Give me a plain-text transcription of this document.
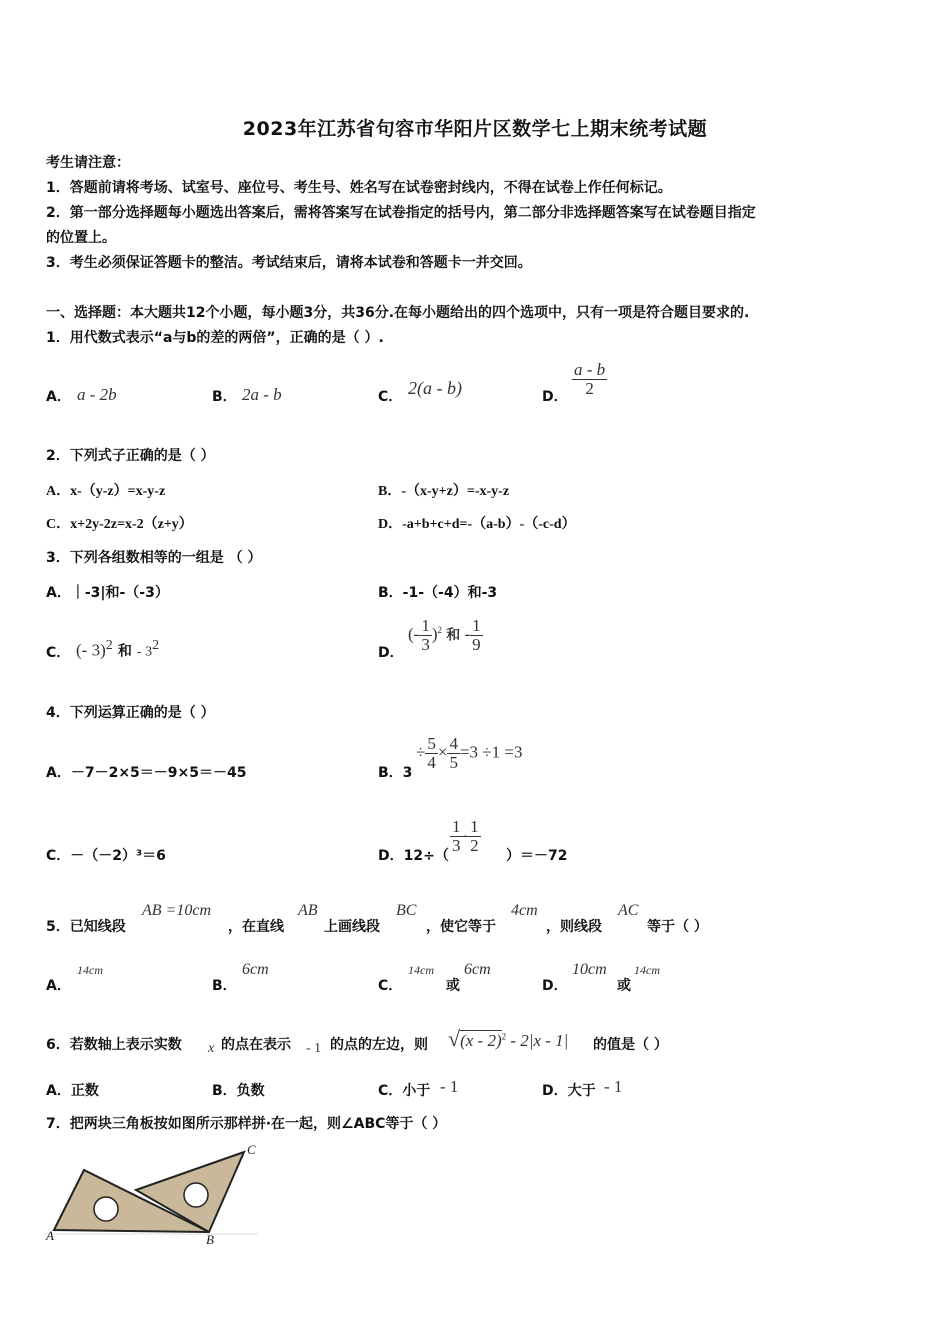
2023年江苏省句容市华阳片区数学七上期末统考试题
考生请注意：
1．答题前请将考场、试室号、座位号、考生号、姓名写在试卷密封线内，不得在试卷上作任何标记。
2．第一部分选择题每小题选出答案后，需将答案写在试卷指定的括号内，第二部分非选择题答案写在试卷题目指定
的位置上。
3．考生必须保证答题卡的整洁。考试结束后，请将本试卷和答题卡一并交回。
一、选择题：本大题共12个小题，每小题3分，共36分.在每小题给出的四个选项中，只有一项是符合题目要求的.
1．用代数式表示“a与b的差的两倍”，正确的是（ ）.
A． a - 2b	B． 2a - b	C． 2(a - b)	D． $\frac{a - b}{2}$
2．下列式子正确的是（ ）
A．x-（y-z）=x-y-z	B．-（x-y+z）=-x-y-z
C．x+2y-2z=x-2（z+y）	D．-a+b+c+d=-（a-b）-（-c-d）
3．下列各组数相等的一组是 （ ）
A．｜-3|和-（-3）	B．-1-（-4）和-3
C． (- 3)$^2$ 和 - $3^2$	D．
(- $\frac{1}{3} )^2$ 和 - $\frac{1}{9}$
4．下列运算正确的是（ ）
A．－7－2×5＝－9×5＝－45	B．3
÷ $\frac{5}{4} \times \frac{4}{5} =3 \div 1 =3$
C．－（－2）³＝6	D．12÷（
$\frac{1}{3} - \frac{1}{2}$
）＝－72
5．已知线段
AB =10cm
，在直线
AB
上画线段
BC
，使它等于
4cm
，则线段
AC
等于（ ）
A．
14cm
B．
6cm
C．
14cm
或
6cm
D．
10cm
或
14cm
6．若数轴上表示实数 x 的点在表示 - 1 的点的左边，则 √(x - 2)$^2$ - 2|x - 1| 的值是（ ）
A．正数	B．负数	C．小于 - 1	D．大于 - 1
7．把两块三角板按如图所示那样拼·在一起，则∠ABC等于（ ）
A	B
C
